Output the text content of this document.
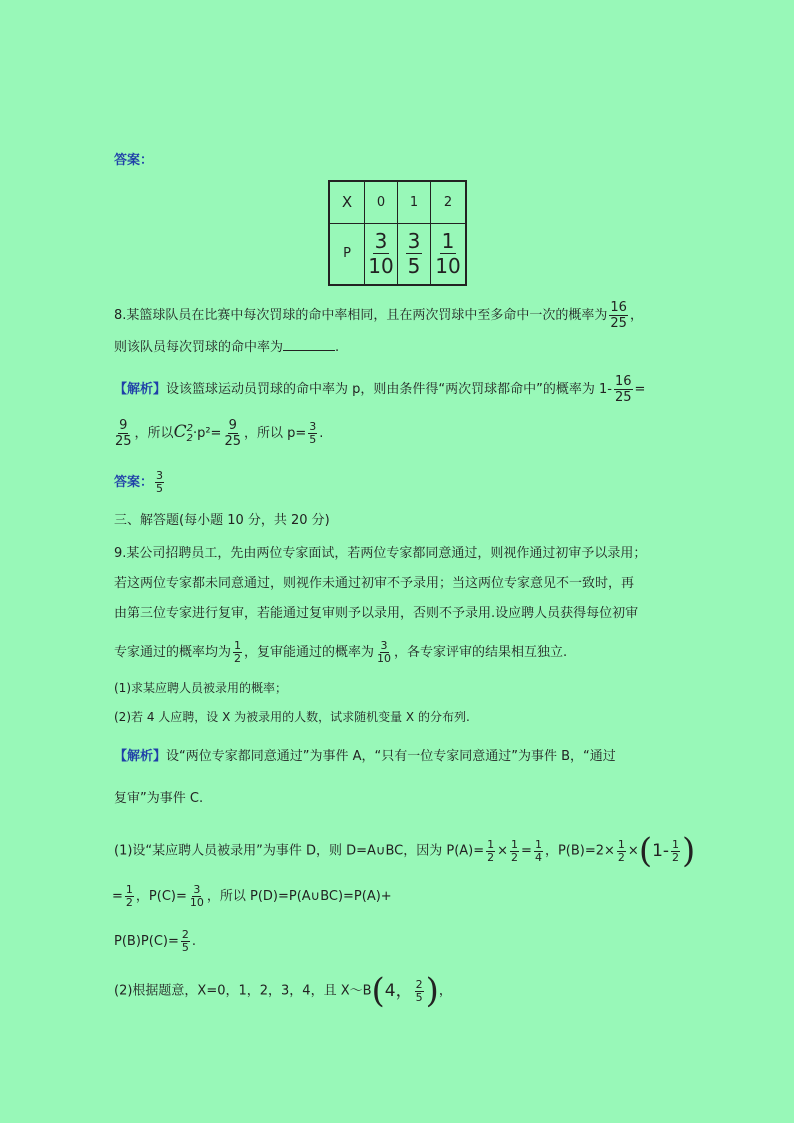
答案：
X	0	1	2
P	$\frac{3}{10}$	$\frac{3}{5}$	$\frac{1}{10}$
8.某篮球队员在比赛中每次罚球的命中率相同，且在两次罚球中至多命中一次的概率为 $\frac{16}{25}$ ，
则该队员每次罚球的命中率为	.
【解析】设该篮球运动员罚球的命中率为 p，则由条件得“两次罚球都命中”的概率为 $1- \frac{16}{25}$ =
$\frac{9}{25}$ ，所以C 2
$2 \cdot p^2= \frac{9}{25}$ ，所以 $p= \frac{3}{5}$ .
答案： $\frac{3}{5}$
三、解答题(每小题 10 分，共 20 分)
9.某公司招聘员工，先由两位专家面试，若两位专家都同意通过，则视作通过初审予以录用；
若这两位专家都未同意通过，则视作未通过初审不予录用；当这两位专家意见不一致时，再
由第三位专家进行复审，若能通过复审则予以录用，否则不予录用.设应聘人员获得每位初审
专家通过的概率均为 $\frac{1}{2}$ ，复审能通过的概率为 $\frac{3}{10}$ ，各专家评审的结果相互独立.
(1)求某应聘人员被录用的概率；
(2)若 4 人应聘，设 X 为被录用的人数，试求随机变量 X 的分布列.
【解析】设“两位专家都同意通过”为事件 A，“只有一位专家同意通过”为事件 B，“通过
复审”为事件 C.
(1)设“某应聘人员被录用”为事件 D，则 D=A∪BC，因为 $P(A)= \frac{1}{2} \times \frac{1}{2} = \frac{1}{4}$ ，$P(B)=2\times \frac{1}{2} \times(1- \frac{1}{2}$ )
= $\frac{1}{2}$ ，$P(C)= \frac{3}{10}$ ，所以 P(D)=P(A∪BC)=P(A)+
$P(B)P(C)= \frac{2}{5}$ .
(2)根据题意，X=0，1，2，3，4，且 X～B(4， $\frac{2}{5}$ )，
